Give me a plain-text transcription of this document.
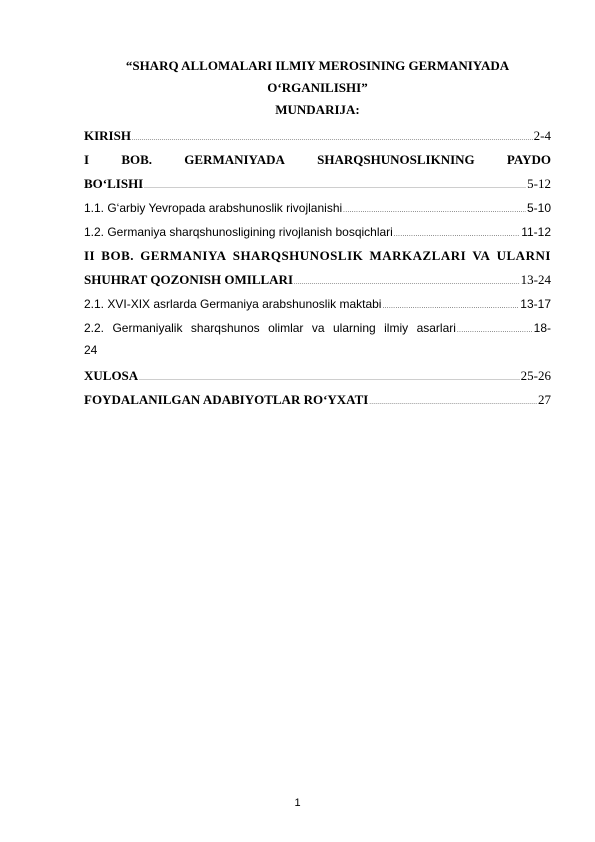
“SHARQ ALLOMALARI ILMIY MEROSINING GERMANIYADA
O‘RGANILISHI”
MUNDARIJA:
KIRISH .....	2-4
I BOB. GERMANIYADA SHARQSHUNOSLIKNING PAYDO
BO‘LISHI .....	5-12
1.1. G‘arbiy Yevropada arabshunoslik rivojlanishi .....	5-10
1.2. Germaniya sharqshunosligining rivojlanish bosqichlari .....	11-12
II BOB. GERMANIYA SHARQSHUNOSLIK MARKAZLARI VA ULARNI
SHUHRAT QOZONISH OMILLARI .....	13-24
2.1. XVI-XIX asrlarda Germaniya arabshunoslik maktabi .....	13-17
2.2. Germaniyalik sharqshunos olimlar va ularning ilmiy asarlari .....	18-
24
XULOSA .....	25-26
FOYDALANILGAN ADABIYOTLAR RO‘YXATI .....	27
1
